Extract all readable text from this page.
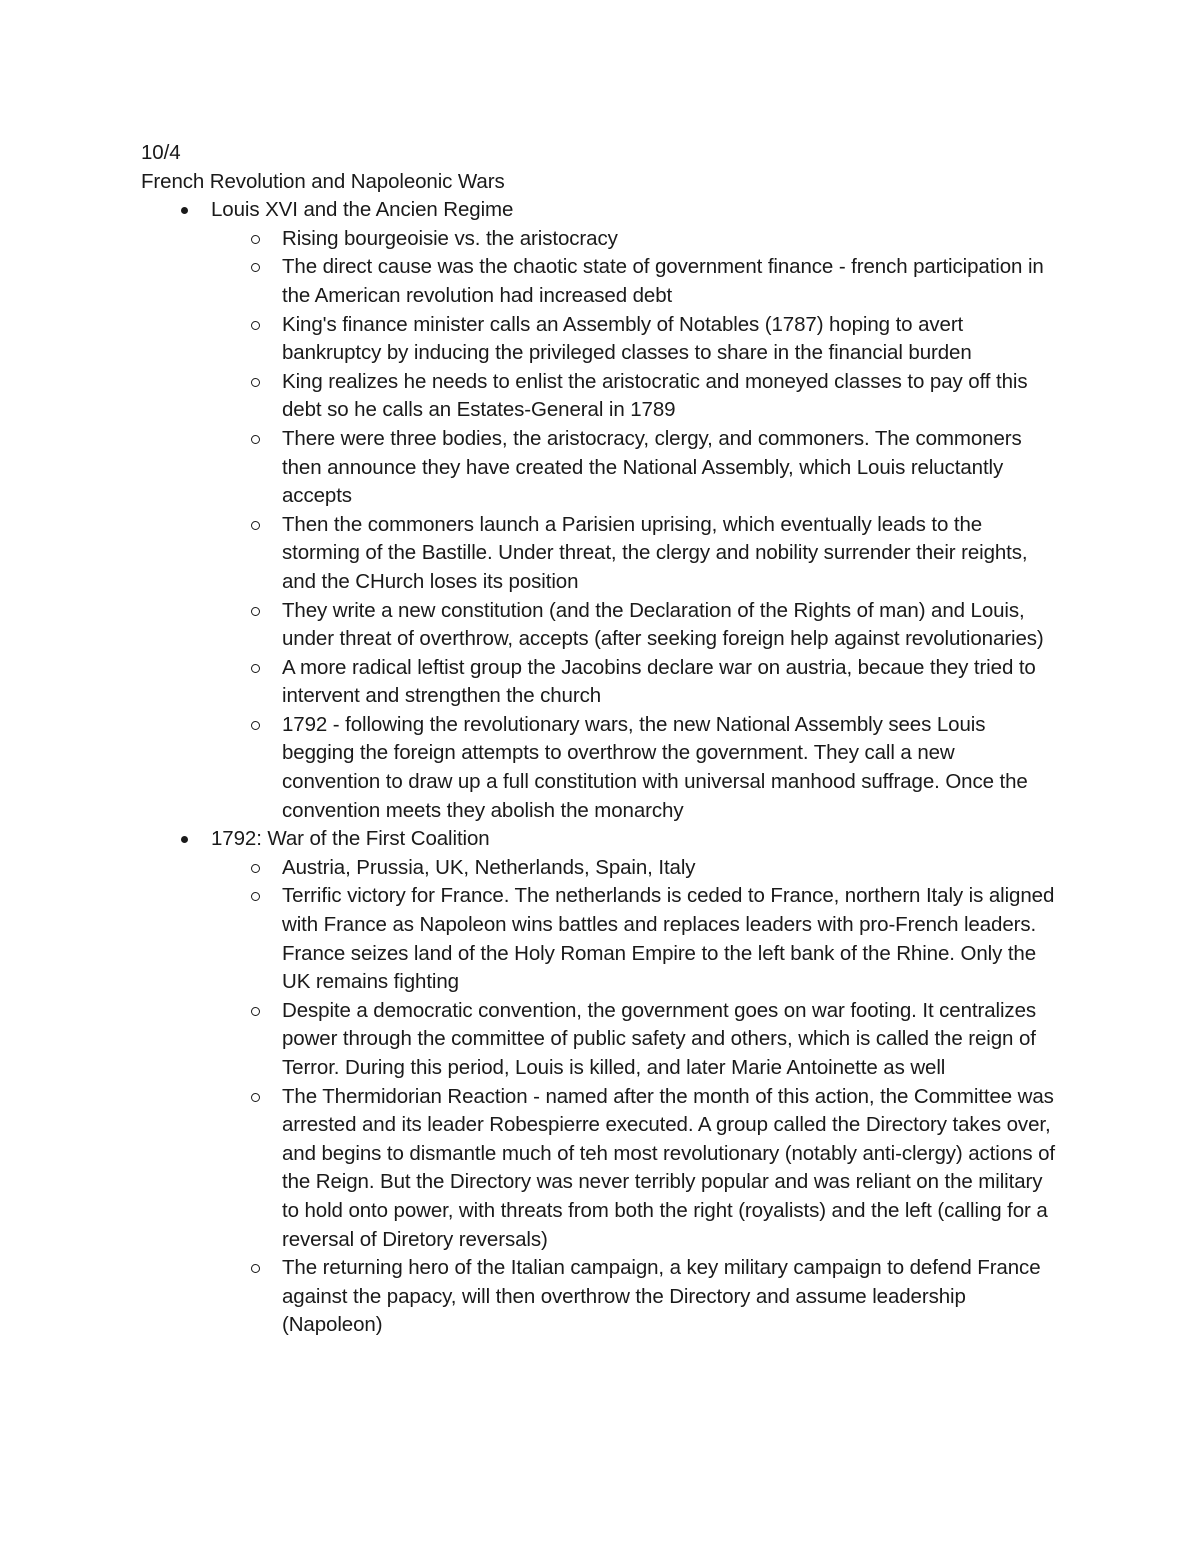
10/4

French Revolution and Napoleonic Wars

Louis XVI and the Ancien Regime
Rising bourgeoisie vs. the aristocracy
The direct cause was the chaotic state of government finance - french participation in the American revolution had increased debt
King's finance minister calls an Assembly of Notables (1787) hoping to avert bankruptcy by inducing the privileged classes to share in the financial burden
King realizes he needs to enlist the aristocratic and moneyed classes to pay off this debt so he calls an Estates-General in 1789
There were three bodies, the aristocracy, clergy, and commoners. The commoners then announce they have created the National Assembly, which Louis reluctantly accepts
Then the commoners launch a Parisien uprising, which eventually leads to the storming of the Bastille. Under threat, the clergy and nobility surrender their reights, and the CHurch loses its position
They write a new constitution (and the Declaration of the Rights of man) and Louis, under threat of overthrow, accepts (after seeking foreign help against revolutionaries)
A more radical leftist group the Jacobins declare war on austria, becaue they tried to intervent and strengthen the church
1792 - following the revolutionary wars, the new National Assembly sees Louis begging the foreign attempts to overthrow the government. They call a new convention to draw up a full constitution with universal manhood suffrage. Once the convention meets they abolish the monarchy
1792: War of the First Coalition
Austria, Prussia, UK, Netherlands, Spain, Italy
Terrific victory for France. The netherlands is ceded to France, northern Italy is aligned with France as Napoleon wins battles and replaces leaders with pro-French leaders. France seizes land of the Holy Roman Empire to the left bank of the Rhine. Only the UK remains fighting
Despite a democratic convention, the government goes on war footing. It centralizes power through the committee of public safety and others, which is called the reign of Terror. During this period, Louis is killed, and later Marie Antoinette as well
The Thermidorian Reaction - named after the month of this action, the Committee was arrested and its leader Robespierre executed. A group called the Directory takes over, and begins to dismantle much of teh most revolutionary (notably anti-clergy) actions of the Reign. But the Directory was never terribly popular and was reliant on the military to hold onto power, with threats from both the right (royalists) and the left (calling for a reversal of Diretory reversals)
The returning hero of the Italian campaign, a key military campaign to defend France against the papacy, will then overthrow the Directory and assume leadership (Napoleon)
